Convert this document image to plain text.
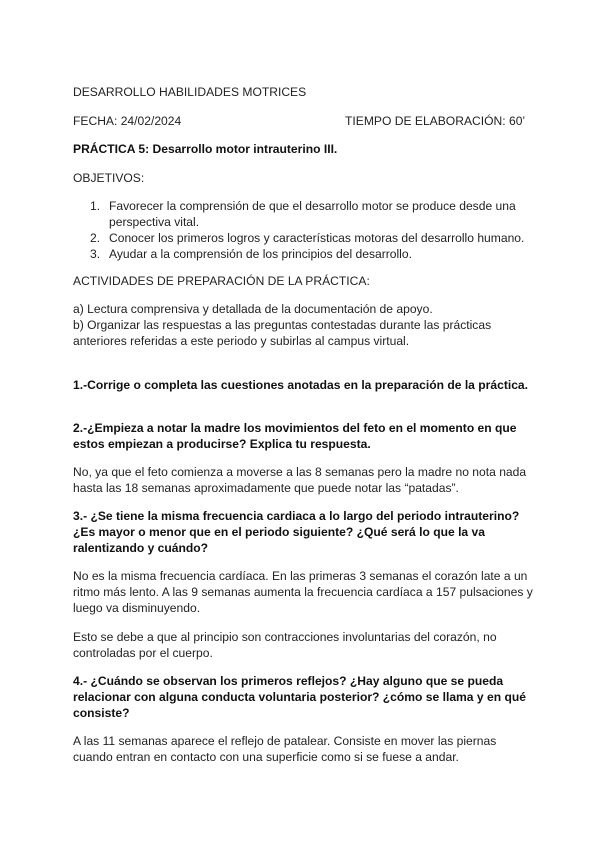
DESARROLLO HABILIDADES MOTRICES

FECHA: 24/02/2024	TIEMPO DE ELABORACIÓN: 60’

PRÁCTICA 5: Desarrollo motor intrauterino III.

OBJETIVOS:

1. Favorecer la comprensión de que el desarrollo motor se produce desde una perspectiva vital.
2. Conocer los primeros logros y características motoras del desarrollo humano.
3. Ayudar a la comprensión de los principios del desarrollo.

ACTIVIDADES DE PREPARACIÓN DE LA PRÁCTICA:

a) Lectura comprensiva y detallada de la documentación de apoyo.
b) Organizar las respuestas a las preguntas contestadas durante las prácticas anteriores referidas a este periodo y subirlas al campus virtual.

1.-Corrige o completa las cuestiones anotadas en la preparación de la práctica.

2.-¿Empieza a notar la madre los movimientos del feto en el momento en que estos empiezan a producirse? Explica tu respuesta.

No, ya que el feto comienza a moverse a las 8 semanas pero la madre no nota nada hasta las 18 semanas aproximadamente que puede notar las “patadas”.

3.- ¿Se tiene la misma frecuencia cardiaca a lo largo del periodo intrauterino? ¿Es mayor o menor que en el periodo siguiente? ¿Qué será lo que la va ralentizando y cuándo?

No es la misma frecuencia cardíaca. En las primeras 3 semanas el corazón late a un ritmo más lento. A las 9 semanas aumenta la frecuencia cardíaca a 157 pulsaciones y luego va disminuyendo.

Esto se debe a que al principio son contracciones involuntarias del corazón, no controladas por el cuerpo.

4.- ¿Cuándo se observan los primeros reflejos? ¿Hay alguno que se pueda relacionar con alguna conducta voluntaria posterior? ¿cómo se llama y en qué consiste?

A las 11 semanas aparece el reflejo de patalear. Consiste en mover las piernas cuando entran en contacto con una superficie como si se fuese a andar.
